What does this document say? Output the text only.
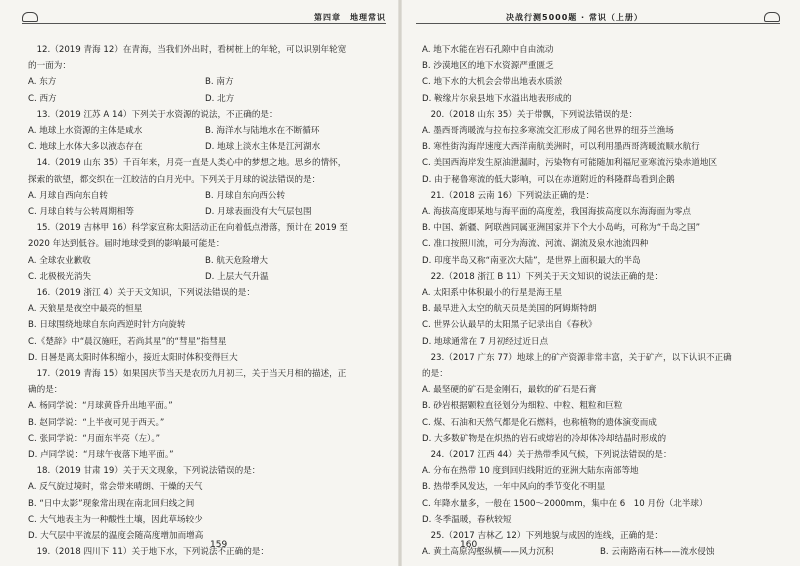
第四章　地理常识
12.（2019 青海 12）在青海，当我们外出时，看树桩上的年轮，可以识别年轮宽
的一面为：
A. 东方	B. 南方
C. 西方	D. 北方
13.（2019 江苏 A 14）下列关于水资源的说法，不正确的是：
A. 地球上水资源的主体是咸水	B. 海洋水与陆地水在不断循环
C. 地球上水体大多以液态存在	D. 地球上淡水主体是江河湖水
14.（2019 山东 35）千百年来，月亮一直是人类心中的梦想之地。思乡的情怀，
探索的欲望，都交织在一江皎洁的白月光中。下列关于月球的说法错误的是：
A. 月球自西向东自转	B. 月球自东向西公转
C. 月球自转与公转周期相等	D. 月球表面没有大气层包围
15.（2019 吉林甲 16）科学家宣称太阳活动正在向着低点滑落，预计在 2019 至
2020 年达到低谷。届时地球受到的影响最可能是：
A. 全球农业歉收	B. 航天危险增大
C. 北极极光消失	D. 上层大气升温
16.（2019 浙江 4）关于天文知识，下列说法错误的是：
A. 天狼星是夜空中最亮的恒星
B. 日球围绕地球自东向西逆时针方向旋转
C.《楚辞》中“晨汉施旺，若尚其星”的“彗星”指彗星
D. 日晷是离太阳时体积缩小，接近太阳时体积变得巨大
17.（2019 青海 15）如果国庆节当天是农历九月初三，关于当天月相的描述，正
确的是：
A. 杨同学说：“月球黄昏升出地平面。”
B. 赵同学说：“上半夜可见于西天。”
C. 张同学说：“月面东半亮（左）。”
D. 卢同学说：“月球午夜落下地平面。”
18.（2019 甘肃 19）关于天文现象，下列说法错误的是：
A. 反气旋过境时，常会带来晴朗、干燥的天气
B. “日中太影”现象常出现在南北回归线之间
C. 大气地表主为一种酸性土壤，因此草场较少
D. 大气层中平流层的温度会随高度增加而增高
19.（2018 四川下 11）关于地下水，下列说法不正确的是：
159
决战行测5000题 · 常识（上册）
A. 地下水能在岩石孔隙中自由流动
B. 沙漠地区的地下水资源严重匮乏
C. 地下水的大机会会带出地表水质淤
D. 鞍缘片尔泉县地下水溢出地表形成的
20.（2018 山东 35）关于带飘，下列说法错误的是：
A. 墨西哥湾暖流与拉布拉多寒流交汇形成了闻名世界的纽芬兰渔场
B. 寒性街沟海岸速度大西洋南航美洲时，可以利用墨西哥湾暖流顺水航行
C. 美国西海岸发生原油泄漏时，污染物有可能随加利福尼亚寒流污染赤道地区
D. 由于秘鲁寒流的低大影响，可以在赤道附近的科隆群岛看到企鹅
21.（2018 云南 16）下列说法正确的是：
A. 海拔高度即某地与海平面的高度差，我国海拔高度以东海海面为零点
B. 中国、新疆、阿联酋同属亚洲国家并下个大小岛屿，可称为“千岛之国”
C. 准口按照川流，可分为海流、河流、湖流及泉水池流四种
D. 印度半岛又称“南亚次大陆”，是世界上面积最大的半岛
22.（2018 浙江 B 11）下列关于天文知识的说法正确的是：
A. 太阳系中体积最小的行星是海王星
B. 最早进入太空的航天员是美国的阿姆斯特朗
C. 世界公认最早的太阳黑子记录出自《春秋》
D. 地球通常在 7 月初经过近日点
23.（2017 广东 77）地球上的矿产资源非常丰富，关于矿产，以下认识不正确
的是：
A. 最坚硬的矿石是金刚石，最软的矿石是石膏
B. 砂岩根据颗粒直径划分为细粒、中粒、粗粒和巨粒
C. 煤、石油和天然气都是化石燃料，也称植物的遗体演变而成
D. 大多数矿物是在炽热的岩石或熔岩的冷却体冷却结晶时形成的
24.（2017 江西 44）关于热带季风气候，下列说法错误的是：
A. 分布在热带 10 度到回归线附近的亚洲大陆东南部等地
B. 热带季风发达，一年中风向的季节变化不明显
C. 年降水量多，一般在 1500～2000mm，集中在 6　10 月份（北半球）
D. 冬季温暖，春秋较短
25.（2017 吉林乙 12）下列地貌与成因的连线，正确的是：
A. 黄土高原沟壑纵横——风力沉积	B. 云南路南石林——流水侵蚀
160
